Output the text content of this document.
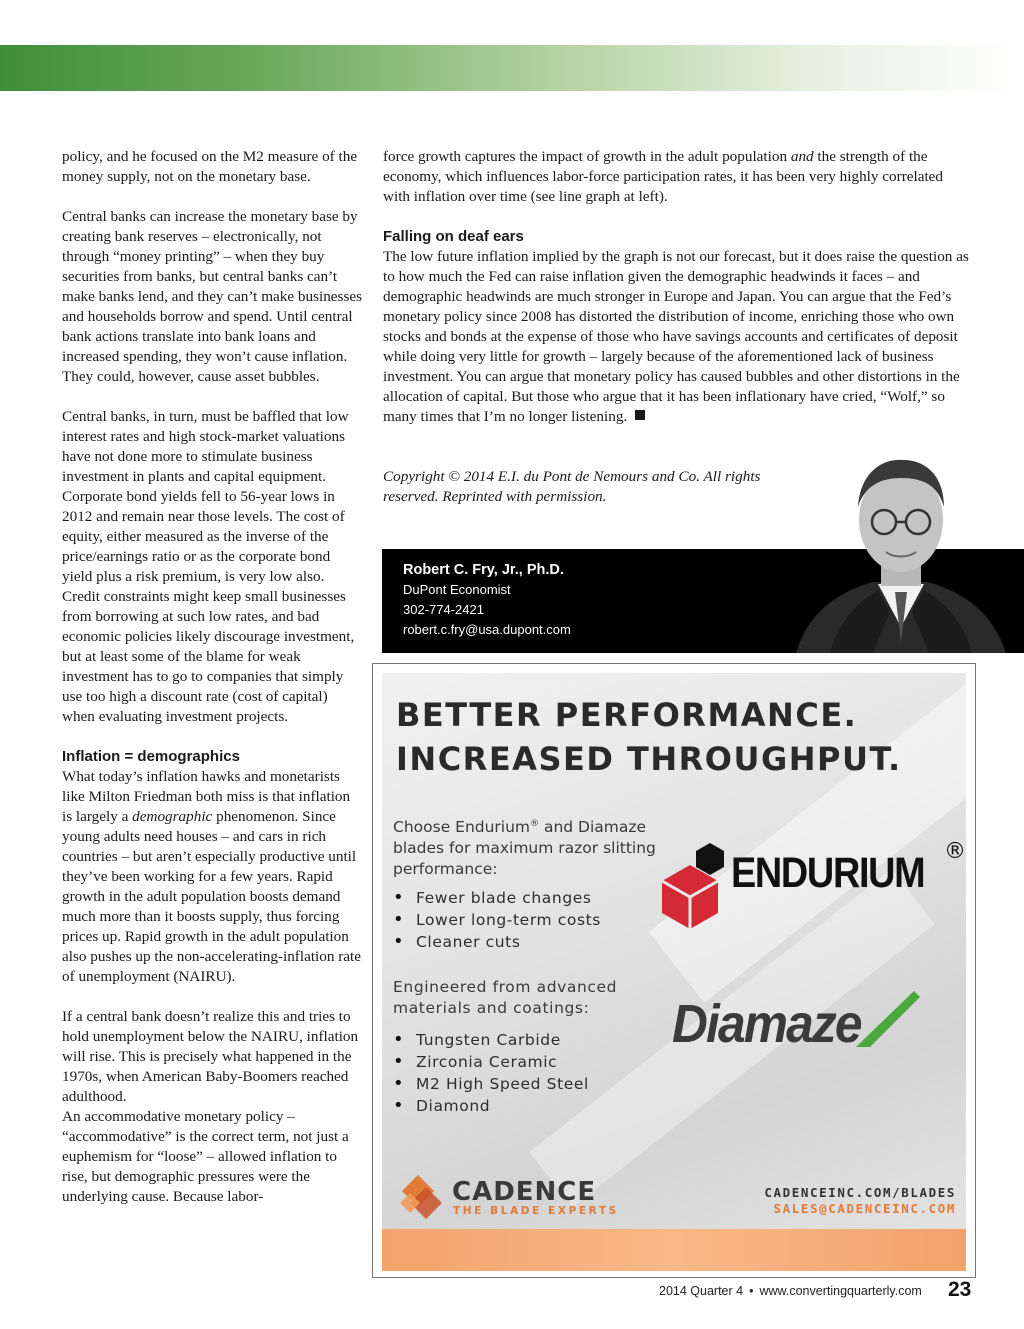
policy, and he focused on the M2 measure of the money supply, not on the monetary base.

Central banks can increase the monetary base by creating bank reserves – electronically, not through “money printing” – when they buy securities from banks, but central banks can’t make banks lend, and they can’t make businesses and households borrow and spend. Until central bank actions translate into bank loans and increased spending, they won’t cause inflation. They could, however, cause asset bubbles.

Central banks, in turn, must be baffled that low interest rates and high stock-market valuations have not done more to stimulate business investment in plants and capital equipment. Corporate bond yields fell to 56-year lows in 2012 and remain near those levels. The cost of equity, either measured as the inverse of the price/earnings ratio or as the corporate bond yield plus a risk premium, is very low also. Credit constraints might keep small businesses from borrowing at such low rates, and bad economic policies likely discourage investment, but at least some of the blame for weak investment has to go to companies that simply use too high a discount rate (cost of capital) when evaluating investment projects.

Inflation = demographics

What today’s inflation hawks and monetarists like Milton Friedman both miss is that inflation is largely a demographic phenomenon. Since young adults need houses – and cars in rich countries – but aren’t especially productive until they’ve been working for a few years. Rapid growth in the adult population boosts demand much more than it boosts supply, thus forcing prices up. Rapid growth in the adult population also pushes up the non-accelerating-inflation rate of unemployment (NAIRU).

If a central bank doesn’t realize this and tries to hold unemployment below the NAIRU, inflation will rise. This is precisely what happened in the 1970s, when American Baby-Boomers reached adulthood.

An accommodative monetary policy – “accommodative” is the correct term, not just a euphemism for “loose” – allowed inflation to rise, but demographic pressures were the underlying cause. Because labor-

force growth captures the impact of growth in the adult population and the strength of the economy, which influences labor-force participation rates, it has been very highly correlated with inflation over time (see line graph at left).

Falling on deaf ears

The low future inflation implied by the graph is not our forecast, but it does raise the question as to how much the Fed can raise inflation given the demographic headwinds it faces – and demographic headwinds are much stronger in Europe and Japan. You can argue that the Fed’s monetary policy since 2008 has distorted the distribution of income, enriching those who own stocks and bonds at the expense of those who have savings accounts and certificates of deposit while doing very little for growth – largely because of the aforementioned lack of business investment. You can argue that monetary policy has caused bubbles and other distortions in the allocation of capital. But those who argue that it has been inflationary have cried, “Wolf,” so many times that I’m no longer listening.

Copyright © 2014 E.I. du Pont de Nemours and Co. All rights reserved. Reprinted with permission.

Robert C. Fry, Jr., Ph.D.
DuPont Economist
302-774-2421
robert.c.fry@usa.dupont.com
BETTER PERFORMANCE.
INCREASED THROUGHPUT.

Choose Endurium® and Diamaze blades for maximum razor slitting performance:

• Fewer blade changes
• Lower long-term costs
• Cleaner cuts

Engineered from advanced materials and coatings:

• Tungsten Carbide
• Zirconia Ceramic
• M2 High Speed Steel
• Diamond
ENDURIUM ®
Diamaze
CADENCE
THE BLADE EXPERTS
CADENCEINC.COM/BLADES
SALES@CADENCEINC.COM
2014 Quarter 4 • www.convertingquarterly.com 23
